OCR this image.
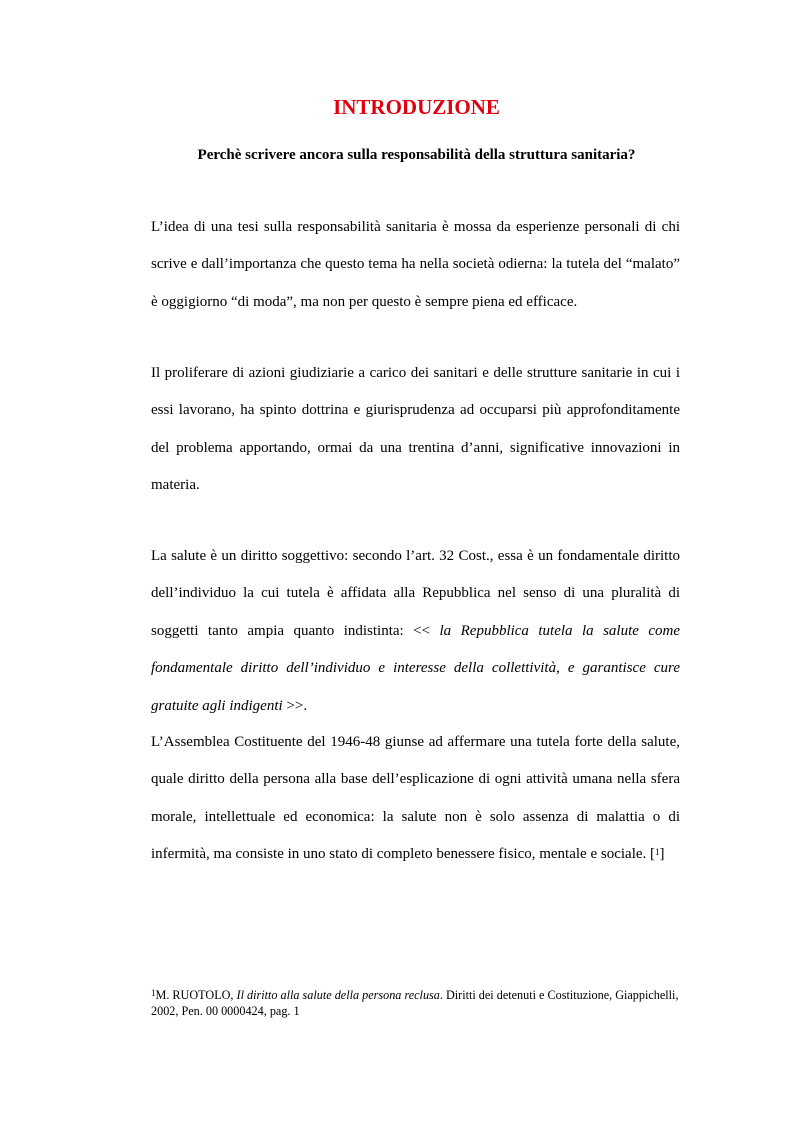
INTRODUZIONE
Perchè scrivere ancora sulla responsabilità della struttura sanitaria?

L’idea di una tesi sulla responsabilità sanitaria è mossa da esperienze personali di chi scrive e dall’importanza che questo tema ha nella società odierna: la tutela del “malato” è oggigiorno “di moda”, ma non per questo è sempre piena ed efficace.

Il proliferare di azioni giudiziarie a carico dei sanitari e delle strutture sanitarie in cui i essi lavorano, ha spinto dottrina e giurisprudenza ad occuparsi più approfonditamente del problema apportando, ormai da una trentina d’anni, significative innovazioni in materia.

La salute è un diritto soggettivo: secondo l’art. 32 Cost., essa è un fondamentale diritto dell’individuo la cui tutela è affidata alla Repubblica nel senso di una pluralità di soggetti tanto ampia quanto indistinta: << la Repubblica tutela la salute come fondamentale diritto dell’individuo e interesse della collettività, e garantisce cure gratuite agli indigenti >>.

L’Assemblea Costituente del 1946-48 giunse ad affermare una tutela forte della salute, quale diritto della persona alla base dell’esplicazione di ogni attività umana nella sfera morale, intellettuale ed economica: la salute non è solo assenza di malattia o di infermità, ma consiste in uno stato di completo benessere fisico, mentale e sociale. [$^1$]

$^1$M. RUOTOLO, Il diritto alla salute della persona reclusa. Diritti dei detenuti e Costituzione, Giappichelli, 2002, Pen. 00 0000424, pag. 1
